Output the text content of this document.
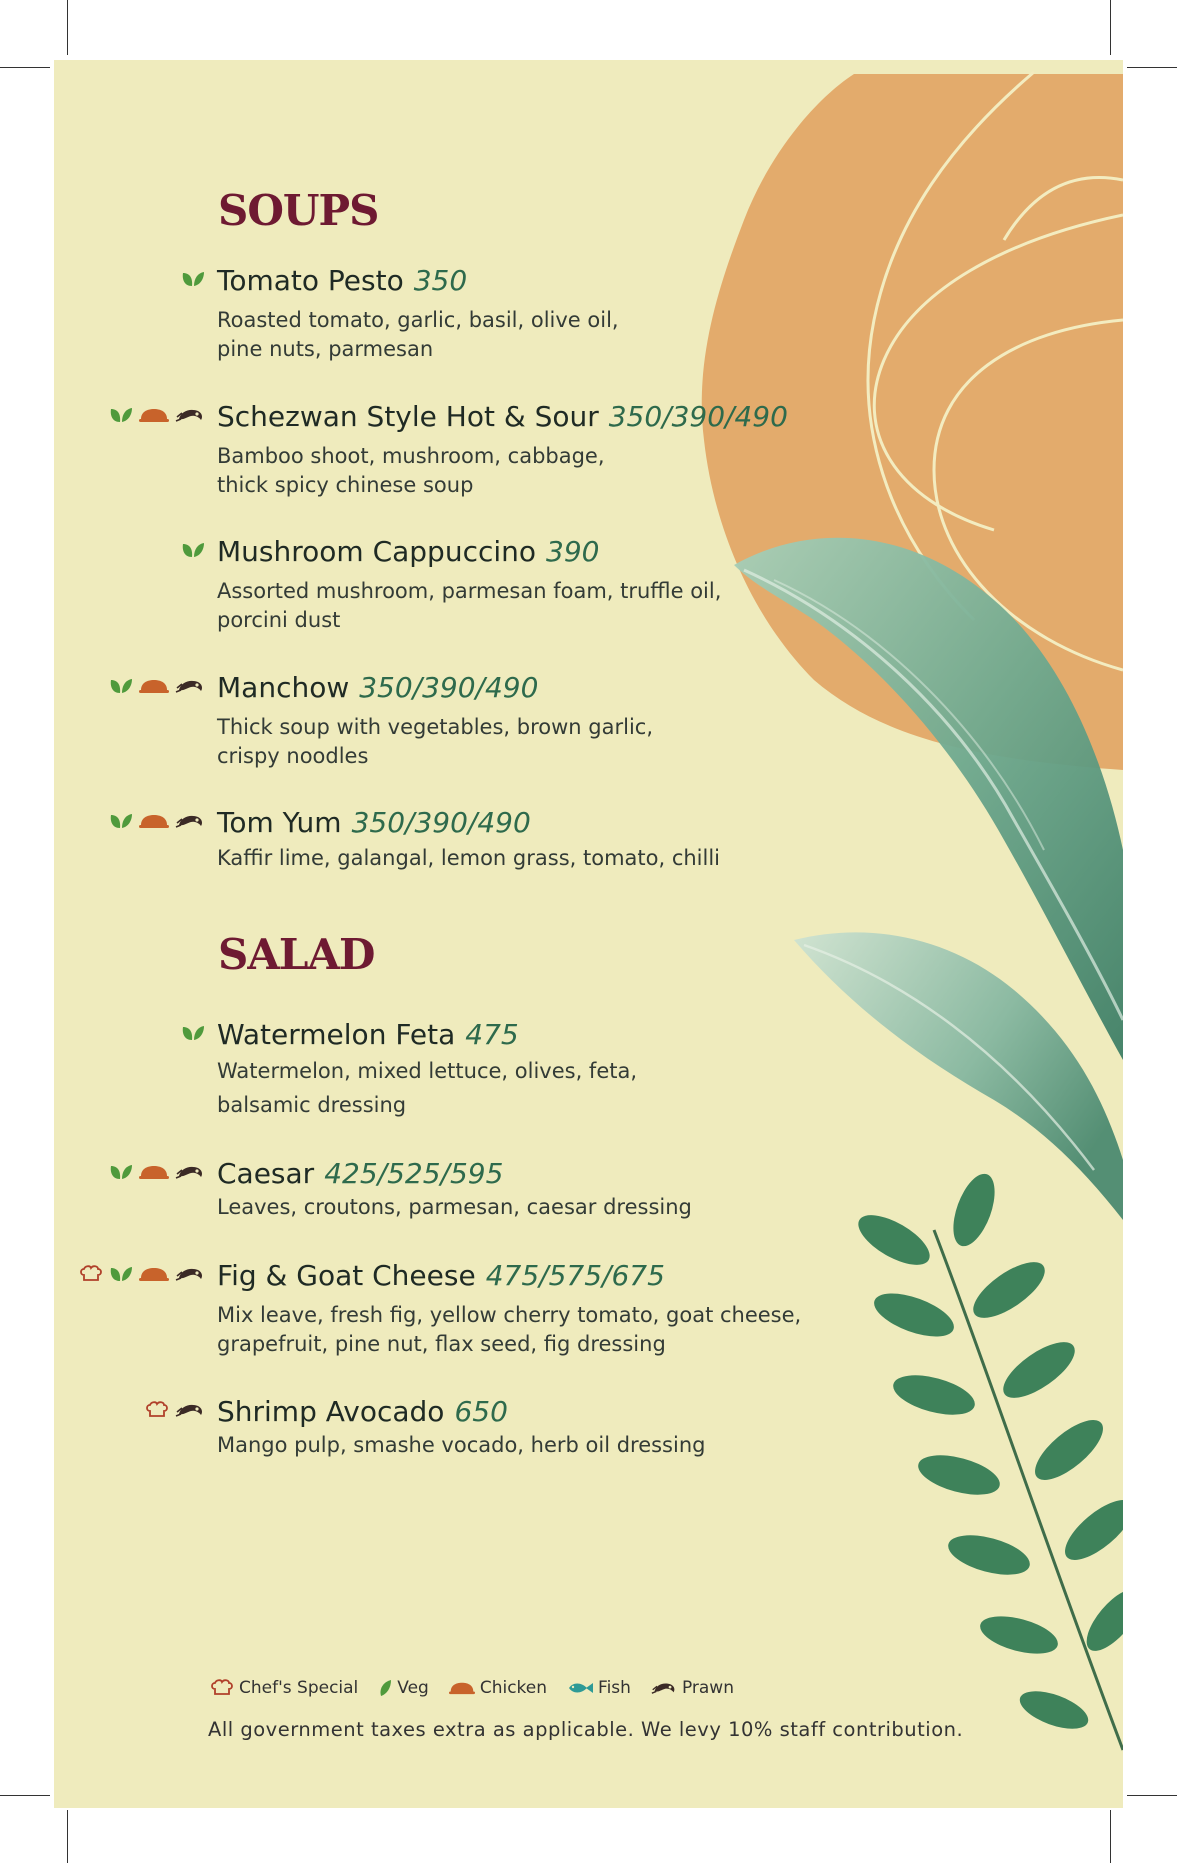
SOUPS
Tomato Pesto 350
Roasted tomato, garlic, basil, olive oil,
pine nuts, parmesan
Schezwan Style Hot & Sour 350/390/490
Bamboo shoot, mushroom, cabbage,
thick spicy chinese soup
Mushroom Cappuccino 390
Assorted mushroom, parmesan foam, truffle oil,
porcini dust
Manchow 350/390/490
Thick soup with vegetables, brown garlic,
crispy noodles
Tom Yum 350/390/490
Kaffir lime, galangal, lemon grass, tomato, chilli
SALAD
Watermelon Feta 475
Watermelon, mixed lettuce, olives, feta,
balsamic dressing
Caesar 425/525/595
Leaves, croutons, parmesan, caesar dressing
Fig & Goat Cheese 475/575/675
Mix leave, fresh fig, yellow cherry tomato, goat cheese,
grapefruit, pine nut, flax seed, fig dressing
Shrimp Avocado 650
Mango pulp, smashe vocado, herb oil dressing
Chef's Special Veg	Chicken	Fish	Prawn
All government taxes extra as applicable. We levy 10% staff contribution.
